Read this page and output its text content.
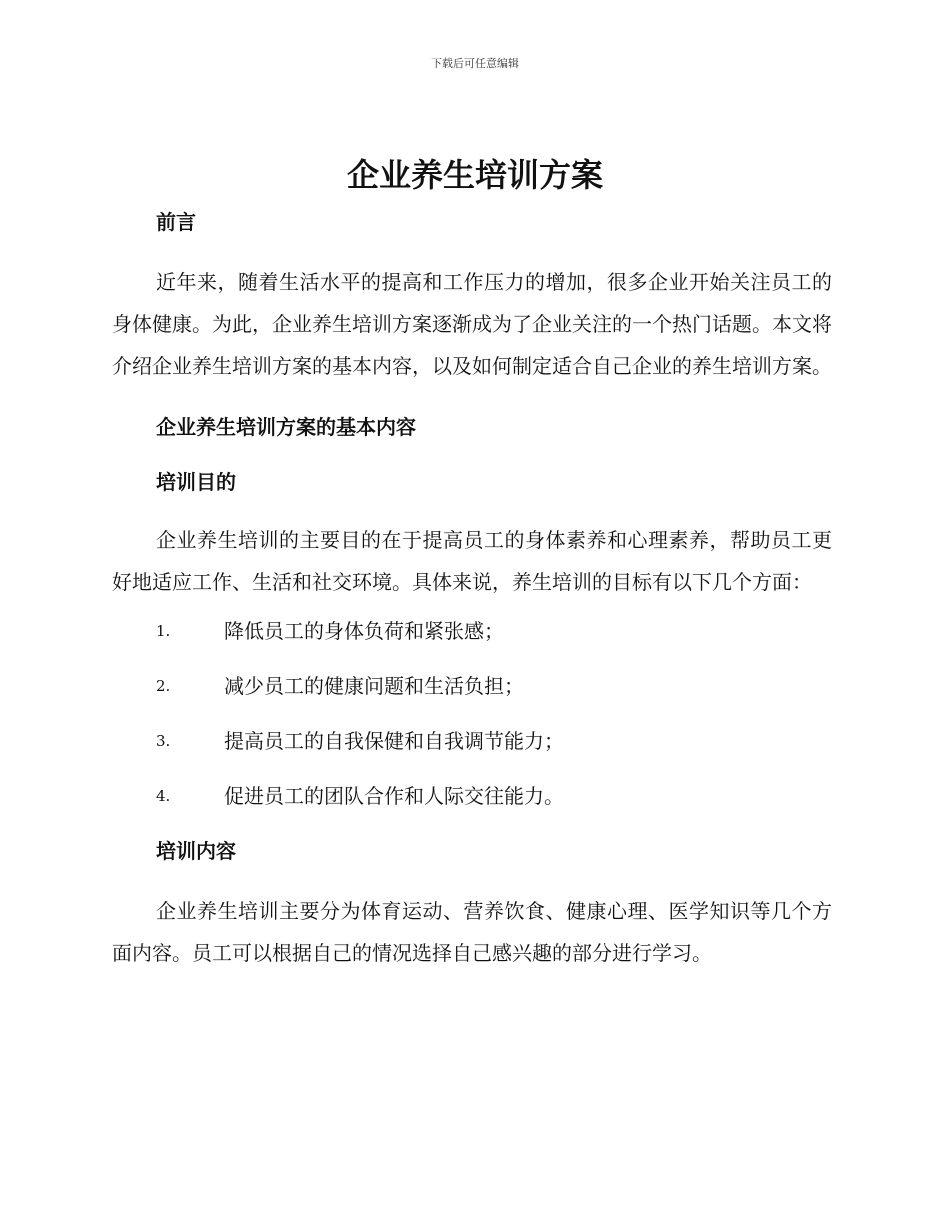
下载后可任意编辑
企业养生培训方案
前言

近年来，随着生活水平的提高和工作压力的增加，很多企业开始关注员工的身体健康。为此，企业养生培训方案逐渐成为了企业关注的一个热门话题。本文将介绍企业养生培训方案的基本内容，以及如何制定适合自己企业的养生培训方案。

企业养生培训方案的基本内容
培训目的

企业养生培训的主要目的在于提高员工的身体素养和心理素养，帮助员工更好地适应工作、生活和社交环境。具体来说，养生培训的目标有以下几个方面：

1.	降低员工的身体负荷和紧张感；
2.	减少员工的健康问题和生活负担；
3.	提高员工的自我保健和自我调节能力；
4.	促进员工的团队合作和人际交往能力。
培训内容

企业养生培训主要分为体育运动、营养饮食、健康心理、医学知识等几个方面内容。员工可以根据自己的情况选择自己感兴趣的部分进行学习。
